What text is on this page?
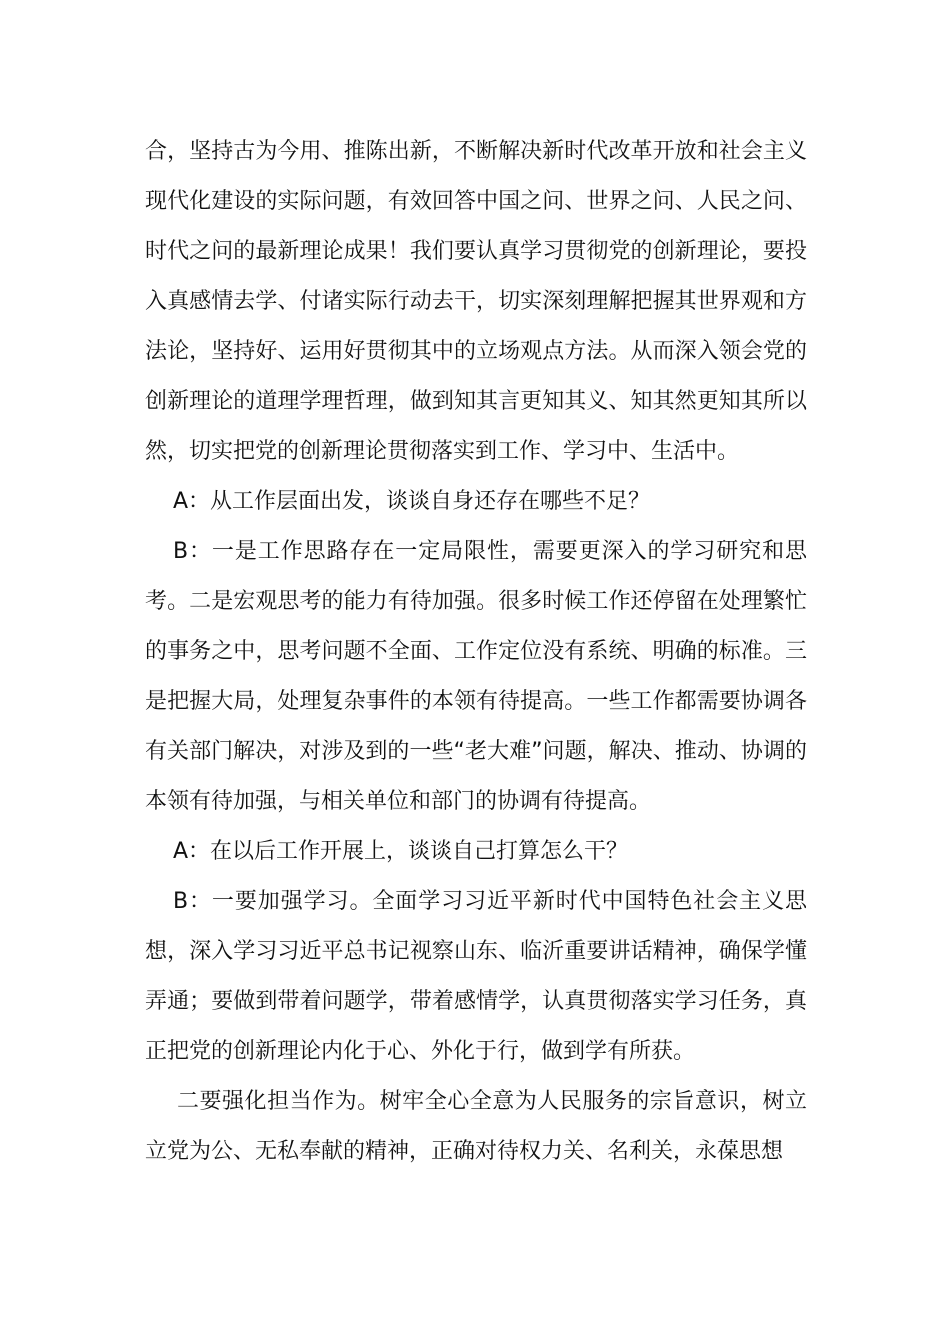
合，坚持古为今用、推陈出新，不断解决新时代改革开放和社会主义现代化建设的实际问题，有效回答中国之问、世界之问、人民之问、时代之问的最新理论成果！我们要认真学习贯彻党的创新理论，要投入真感情去学、付诸实际行动去干，切实深刻理解把握其世界观和方法论，坚持好、运用好贯彻其中的立场观点方法。从而深入领会党的创新理论的道理学理哲理，做到知其言更知其义、知其然更知其所以然，切实把党的创新理论贯彻落实到工作、学习中、生活中。

A：从工作层面出发，谈谈自身还存在哪些不足？

B：一是工作思路存在一定局限性，需要更深入的学习研究和思考。二是宏观思考的能力有待加强。很多时候工作还停留在处理繁忙的事务之中，思考问题不全面、工作定位没有系统、明确的标准。三是把握大局，处理复杂事件的本领有待提高。一些工作都需要协调各有关部门解决，对涉及到的一些“老大难”问题，解决、推动、协调的本领有待加强，与相关单位和部门的协调有待提高。

A：在以后工作开展上，谈谈自己打算怎么干？

B：一要加强学习。全面学习习近平新时代中国特色社会主义思想，深入学习习近平总书记视察山东、临沂重要讲话精神，确保学懂弄通；要做到带着问题学，带着感情学，认真贯彻落实学习任务，真正把党的创新理论内化于心、外化于行，做到学有所获。

二要强化担当作为。树牢全心全意为人民服务的宗旨意识，树立立党为公、无私奉献的精神，正确对待权力关、名利关，永葆思想
